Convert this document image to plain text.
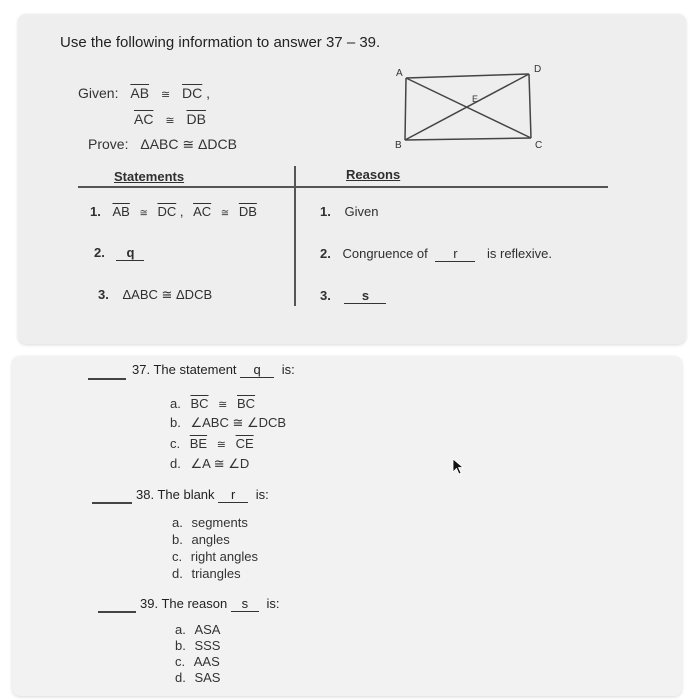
Use the following information to answer 37 – 39.
Given: $\overline{AB}$ ≅ $\overline{DC}$ ,
$\overline{AC}$ ≅ $\overline{DB}$
Prove: ΔABC ≅ ΔDCB
A	D
B	C
E
Statements	Reasons
1. $\overline{AB}$ ≅ $\overline{DC}$ , $\overline{AC}$ ≅ $\overline{DB}$	1. Given
2. q	2. Congruence of r is reflexive.
3. ΔABC ≅ ΔDCB	3. s
37. The statement q is:
a. $\overline{BC}$ ≅ $\overline{BC}$
b. ∠ABC ≅ ∠DCB
c. $\overline{BE}$ ≅ $\overline{CE}$
d. ∠A ≅ ∠D
38. The blank r is:
a. segments
b. angles
c. right angles
d. triangles
39. The reason s is:
a. ASA
b. SSS
c. AAS
d. SAS
